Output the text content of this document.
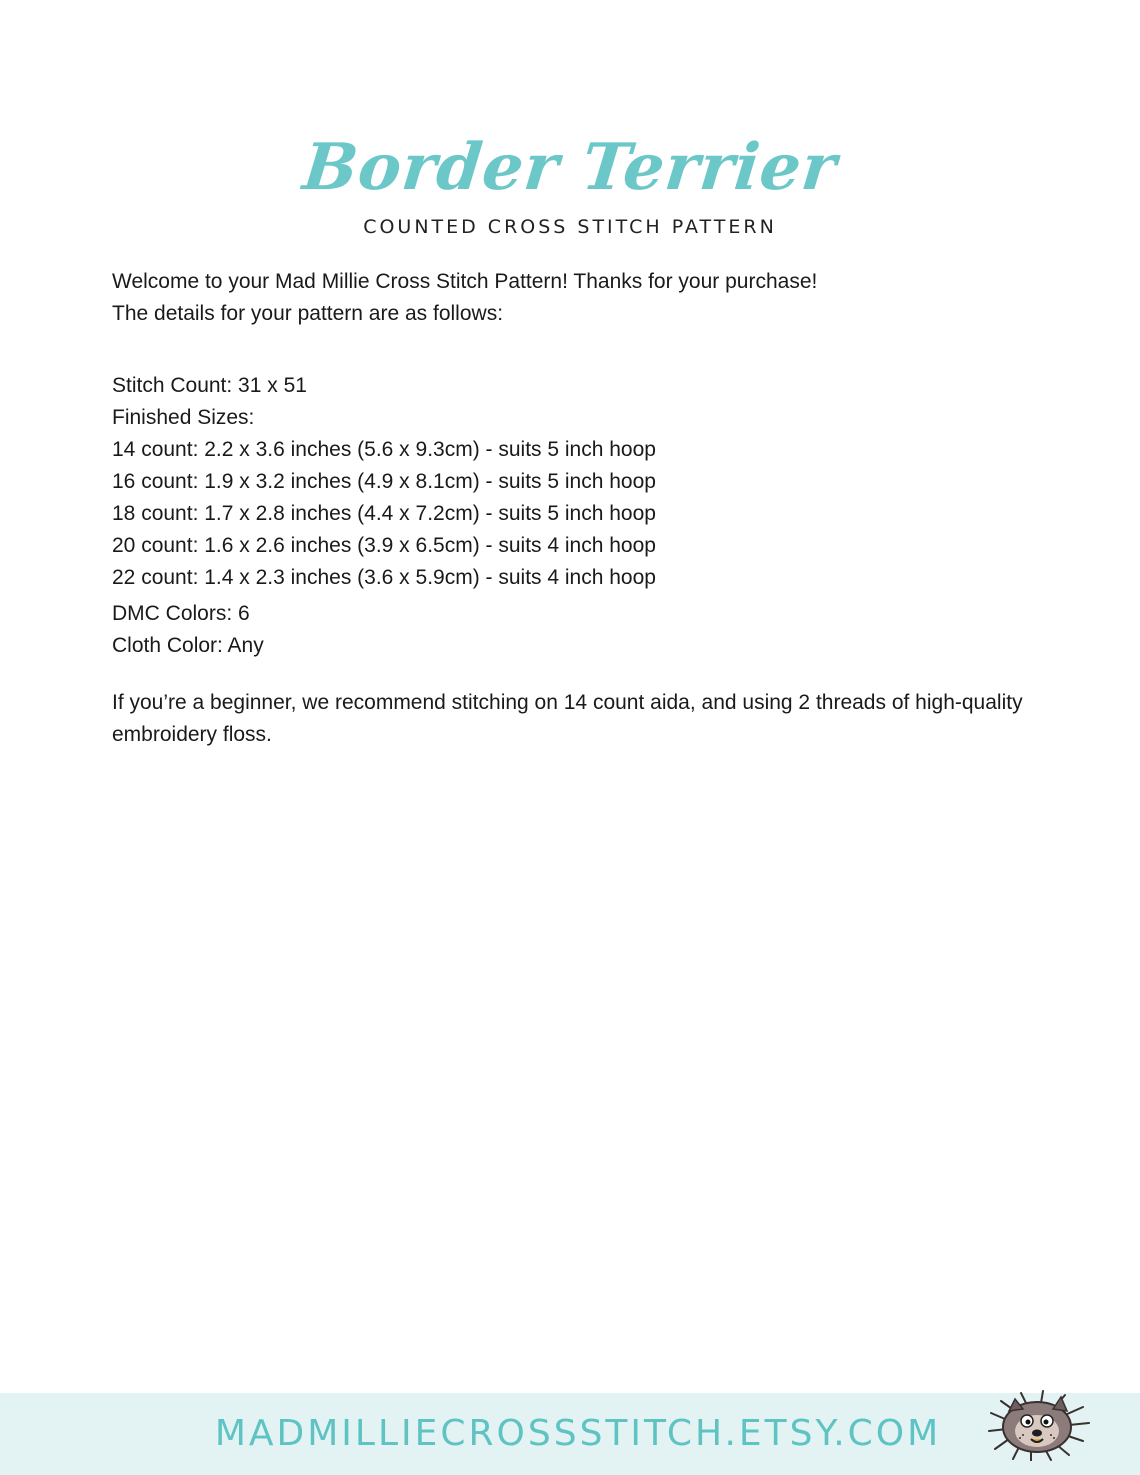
Border Terrier
COUNTED CROSS STITCH PATTERN

Welcome to your Mad Millie Cross Stitch Pattern! Thanks for your purchase!

The details for your pattern are as follows:

Stitch Count: 31 x 51

Finished Sizes:

14 count: 2.2 x 3.6 inches (5.6 x 9.3cm) - suits 5 inch hoop

16 count: 1.9 x 3.2 inches (4.9 x 8.1cm) - suits 5 inch hoop

18 count: 1.7 x 2.8 inches (4.4 x 7.2cm) - suits 5 inch hoop

20 count: 1.6 x 2.6 inches (3.9 x 6.5cm) - suits 4 inch hoop

22 count: 1.4 x 2.3 inches (3.6 x 5.9cm) - suits 4 inch hoop

DMC Colors: 6

Cloth Color: Any

If you’re a beginner, we recommend stitching on 14 count aida, and using 2 threads of high-quality embroidery floss.

MADMILLIECROSSSTITCH.ETSY.COM
